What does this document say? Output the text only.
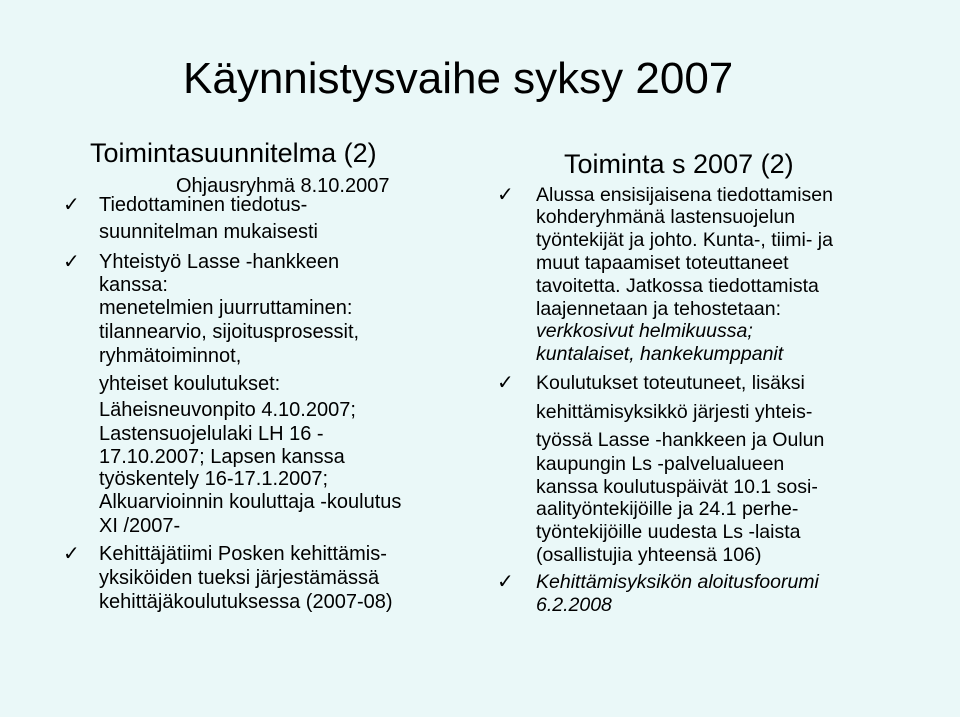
Käynnistysvaihe syksy 2007
Toimintasuunnitelma (2)
Ohjausryhmä 8.10.2007
✓ Tiedottaminen tiedotus-
suunnitelman mukaisesti
✓ Yhteistyö Lasse -hankkeen
kanssa:
menetelmien juurruttaminen:
tilannearvio, sijoitusprosessit,
ryhmätoiminnot,
yhteiset koulutukset:
Läheisneuvonpito 4.10.2007;
Lastensuojelulaki LH 16 -
17.10.2007; Lapsen kanssa
työskentely 16-17.1.2007;
Alkuarvioinnin kouluttaja -koulutus
XI /2007-
✓ Kehittäjätiimi Posken kehittämis-
yksiköiden tueksi järjestämässä
kehittäjäkoulutuksessa (2007-08)
Toiminta s 2007 (2)
✓ Alussa ensisijaisena tiedottamisen
kohderyhmänä lastensuojelun
työntekijät ja johto. Kunta-, tiimi- ja
muut tapaamiset toteuttaneet
tavoitetta. Jatkossa tiedottamista
laajennetaan ja tehostetaan:
verkkosivut helmikuussa;
kuntalaiset, hankekumppanit
✓ Koulutukset toteutuneet, lisäksi
kehittämisyksikkö järjesti yhteis-
työssä Lasse -hankkeen ja Oulun
kaupungin Ls -palvelualueen
kanssa koulutuspäivät 10.1 sosi-
aalityöntekijöille ja 24.1 perhe-
työntekijöille uudesta Ls -laista
(osallistujia yhteensä 106)
✓ Kehittämisyksikön aloitusfoorumi
6.2.2008
